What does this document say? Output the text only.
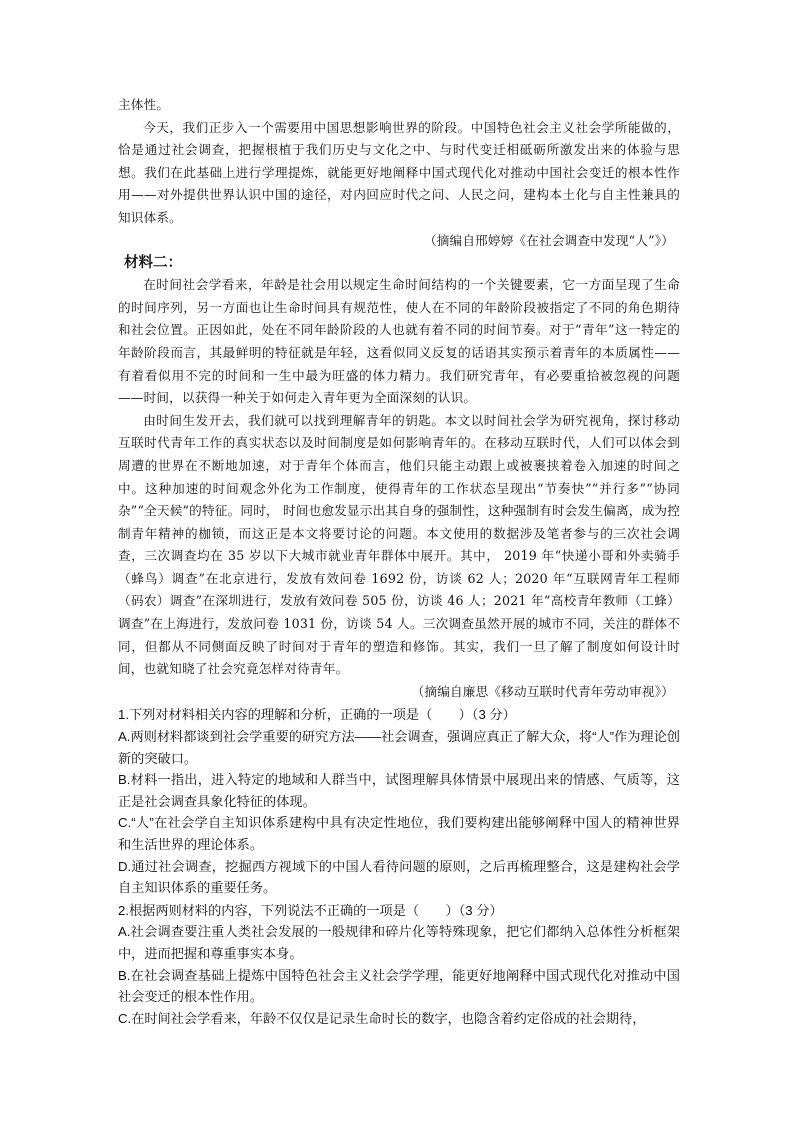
主体性。

今天，我们正步入一个需要用中国思想影响世界的阶段。中国特色社会主义社会学所能做的，恰是通过社会调查，把握根植于我们历史与文化之中、与时代变迁相砥砺所激发出来的体验与思想。我们在此基础上进行学理提炼，就能更好地阐释中国式现代化对推动中国社会变迁的根本性作用——对外提供世界认识中国的途径，对内回应时代之问、人民之问，建构本土化与自主性兼具的知识体系。

（摘编自邢婷婷《在社会调查中发现“人”》）

材料二：

在时间社会学看来，年龄是社会用以规定生命时间结构的一个关键要素，它一方面呈现了生命的时间序列，另一方面也让生命时间具有规范性，使人在不同的年龄阶段被指定了不同的角色期待和社会位置。正因如此，处在不同年龄阶段的人也就有着不同的时间节奏。对于“青年”这一特定的年龄阶段而言，其最鲜明的特征就是年轻，这看似同义反复的话语其实预示着青年的本质属性——有着看似用不完的时间和一生中最为旺盛的体力精力。我们研究青年，有必要重拾被忽视的问题——时间，以获得一种关于如何走入青年更为全面深刻的认识。

由时间生发开去，我们就可以找到理解青年的钥匙。本文以时间社会学为研究视角，探讨移动互联时代青年工作的真实状态以及时间制度是如何影响青年的。在移动互联时代，人们可以体会到周遭的世界在不断地加速，对于青年个体而言，他们只能主动跟上或被裹挟着卷入加速的时间之中。这种加速的时间观念外化为工作制度，使得青年的工作状态呈现出“节奏快”“并行多”“协同杂”“全天候”的特征。同时， 时间也愈发显示出其自身的强制性，这种强制有时会发生偏离，成为控制青年精神的枷锁，而这正是本文将要讨论的问题。本文使用的数据涉及笔者参与的三次社会调查，三次调查均在 35 岁以下大城市就业青年群体中展开。其中， 2019 年“快递小哥和外卖骑手（蜂鸟）调查”在北京进行，发放有效问卷 1692 份，访谈 62 人；2020 年“互联网青年工程师（码农）调查”在深圳进行，发放有效问卷 505 份，访谈 46 人；2021 年“高校青年教师（工蜂）调查”在上海进行，发放问卷 1031 份，访谈 54 人。三次调查虽然开展的城市不同，关注的群体不同，但都从不同侧面反映了时间对于青年的塑造和修饰。其实，我们一旦了解了制度如何设计时间，也就知晓了社会究竟怎样对待青年。

（摘编自廉思《移动互联时代青年劳动审视》）

1.下列对材料相关内容的理解和分析，正确的一项是（　　）（3 分）

A.两则材料都谈到社会学重要的研究方法——社会调查，强调应真正了解大众，将“人”作为理论创新的突破口。

B.材料一指出，进入特定的地域和人群当中，试图理解具体情景中展现出来的情感、气质等，这正是社会调查具象化特征的体现。

C.“人”在社会学自主知识体系建构中具有决定性地位，我们要构建出能够阐释中国人的精神世界和生活世界的理论体系。

D.通过社会调查，挖掘西方视域下的中国人看待问题的原则，之后再梳理整合，这是建构社会学自主知识体系的重要任务。

2.根据两则材料的内容，下列说法不正确的一项是（　　）（3 分）

A.社会调查要注重人类社会发展的一般规律和碎片化等特殊现象，把它们都纳入总体性分析框架中，进而把握和尊重事实本身。

B.在社会调查基础上提炼中国特色社会主义社会学学理，能更好地阐释中国式现代化对推动中国社会变迁的根本性作用。

C.在时间社会学看来，年龄不仅仅是记录生命时长的数字，也隐含着约定俗成的社会期待，
